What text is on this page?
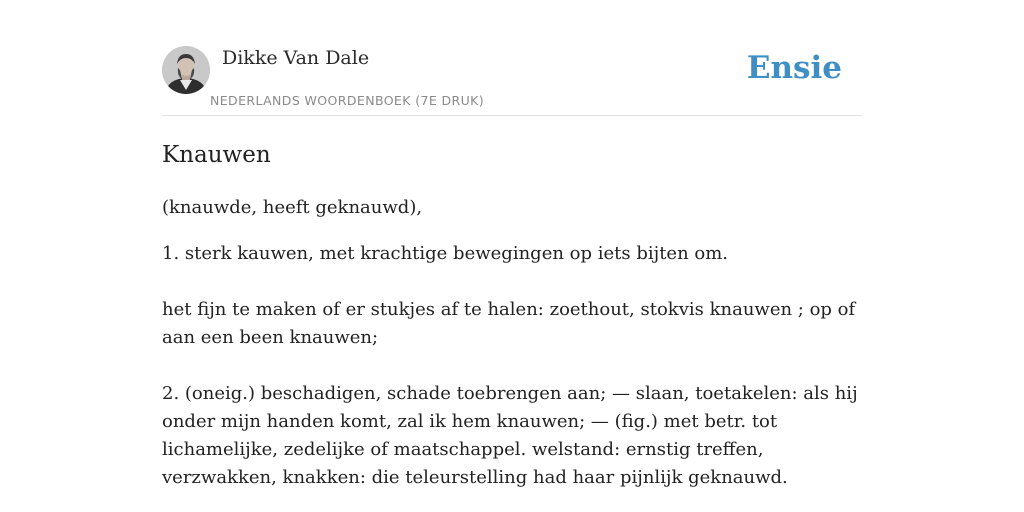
Dikke Van Dale
NEDERLANDS WOORDENBOEK (7E DRUK)
Ensie
Knauwen

(knauwde, heeft geknauwd),

1. sterk kauwen, met krachtige bewegingen op iets bijten om.

het fijn te maken of er stukjes af te halen: zoethout, stokvis knauwen ; op of aan een been knauwen;

2. (oneig.) beschadigen, schade toebrengen aan; — slaan, toetakelen: als hij onder mijn handen komt, zal ik hem knauwen; — (fig.) met betr. tot lichamelijke, zedelijke of maatschappel. welstand: ernstig treffen, verzwakken, knakken: die teleurstelling had haar pijnlijk geknauwd.
